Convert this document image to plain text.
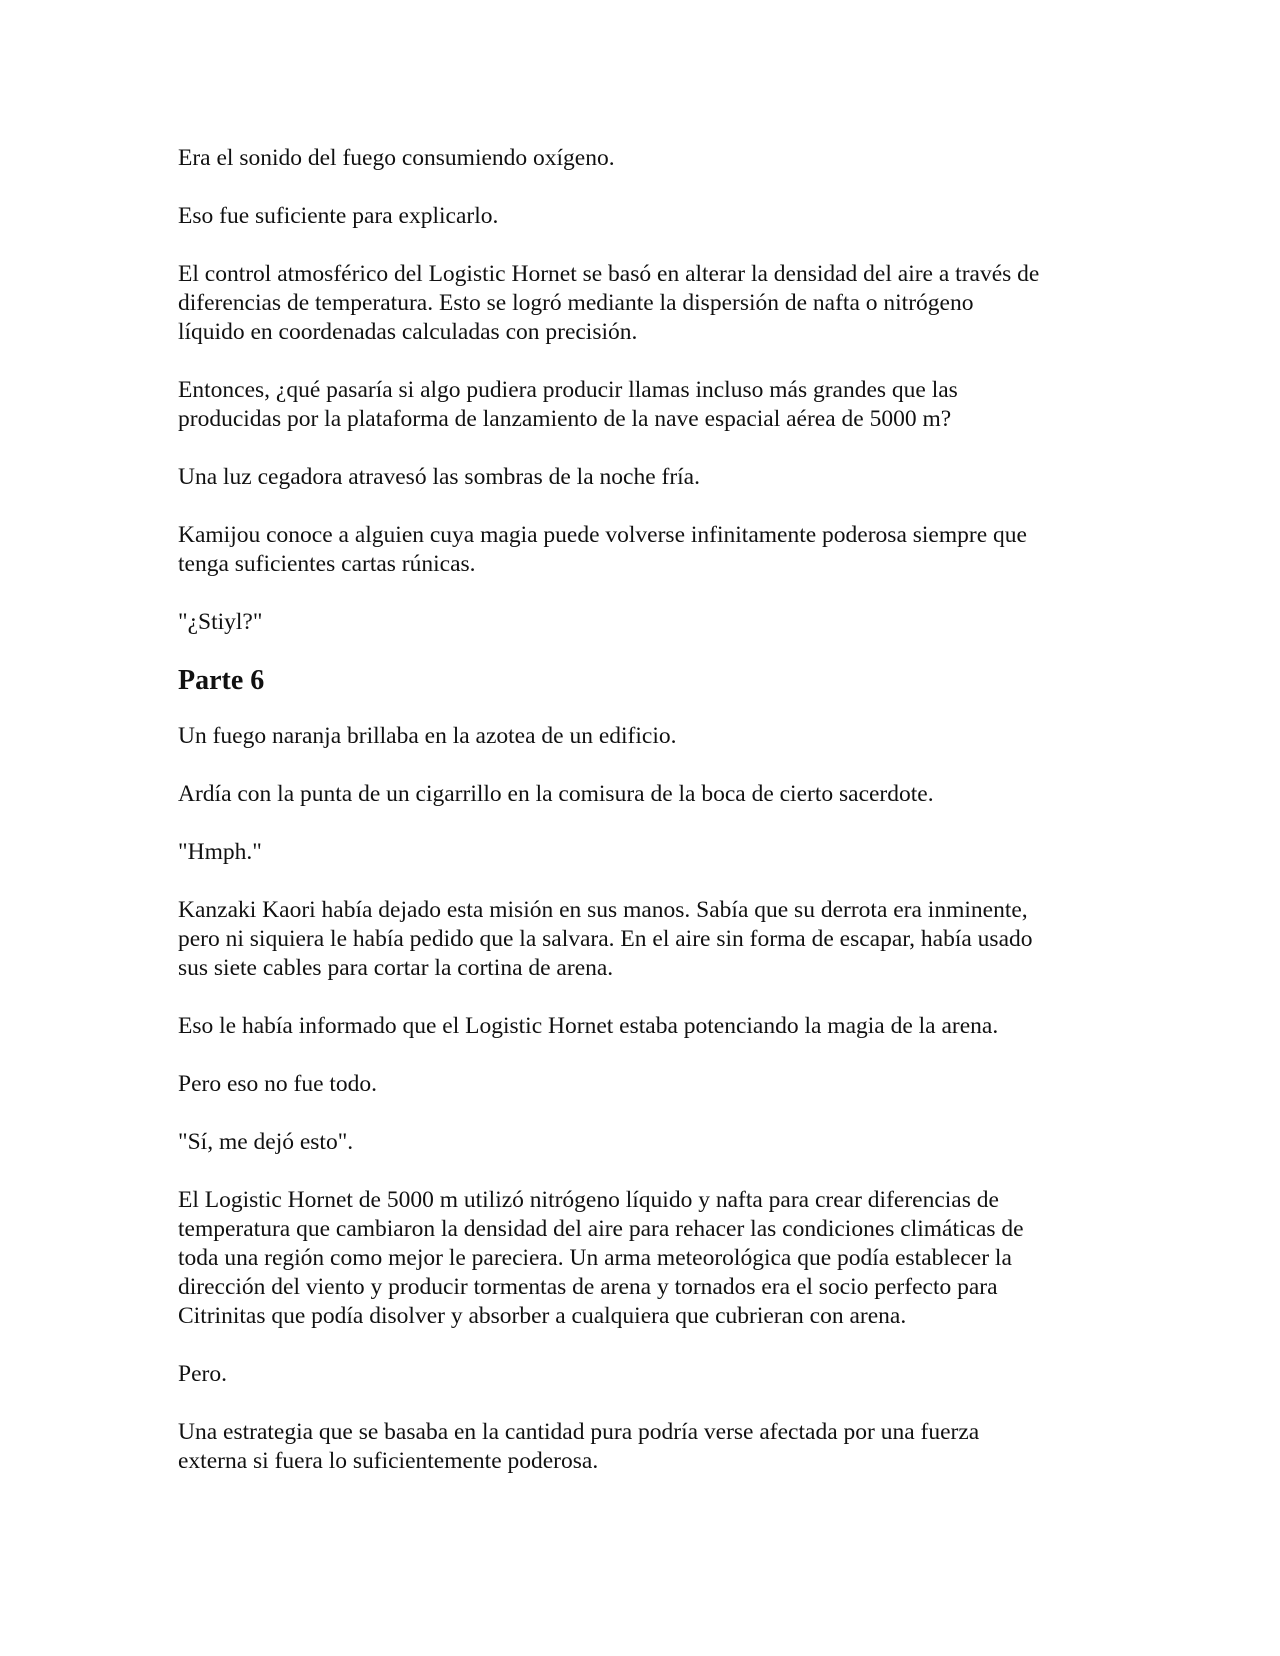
Era el sonido del fuego consumiendo oxígeno.

Eso fue suficiente para explicarlo.

El control atmosférico del Logistic Hornet se basó en alterar la densidad del aire a través de
diferencias de temperatura. Esto se logró mediante la dispersión de nafta o nitrógeno
líquido en coordenadas calculadas con precisión.

Entonces, ¿qué pasaría si algo pudiera producir llamas incluso más grandes que las
producidas por la plataforma de lanzamiento de la nave espacial aérea de 5000 m?

Una luz cegadora atravesó las sombras de la noche fría.

Kamijou conoce a alguien cuya magia puede volverse infinitamente poderosa siempre que
tenga suficientes cartas rúnicas.

"¿Stiyl?"

Parte 6

Un fuego naranja brillaba en la azotea de un edificio.

Ardía con la punta de un cigarrillo en la comisura de la boca de cierto sacerdote.

"Hmph."

Kanzaki Kaori había dejado esta misión en sus manos. Sabía que su derrota era inminente,
pero ni siquiera le había pedido que la salvara. En el aire sin forma de escapar, había usado
sus siete cables para cortar la cortina de arena.

Eso le había informado que el Logistic Hornet estaba potenciando la magia de la arena.

Pero eso no fue todo.

"Sí, me dejó esto".

El Logistic Hornet de 5000 m utilizó nitrógeno líquido y nafta para crear diferencias de
temperatura que cambiaron la densidad del aire para rehacer las condiciones climáticas de
toda una región como mejor le pareciera. Un arma meteorológica que podía establecer la
dirección del viento y producir tormentas de arena y tornados era el socio perfecto para
Citrinitas que podía disolver y absorber a cualquiera que cubrieran con arena.

Pero.

Una estrategia que se basaba en la cantidad pura podría verse afectada por una fuerza
externa si fuera lo suficientemente poderosa.
